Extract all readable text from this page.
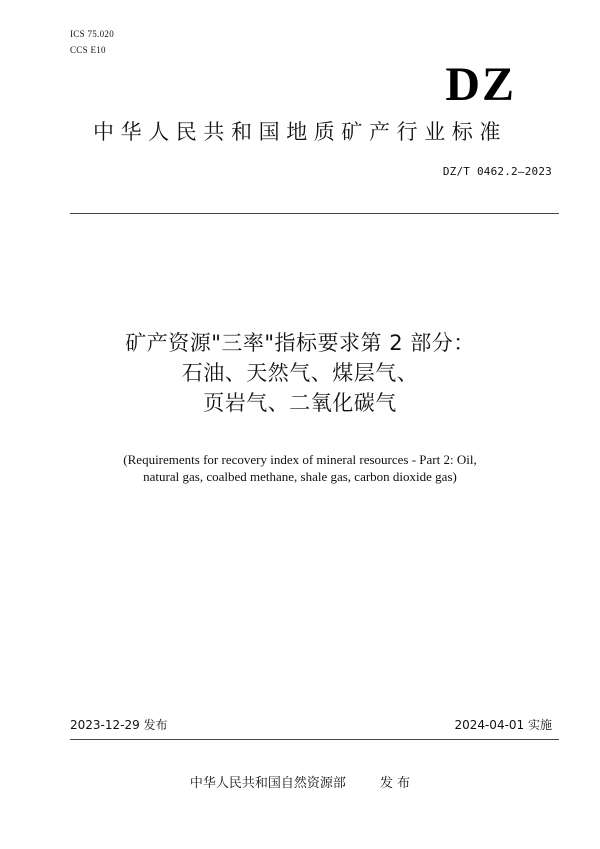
ICS 75.020
CCS E10
DZ
中华人民共和国地质矿产行业标准
DZ/T 0462.2—2023
矿产资源"三率"指标要求第 2 部分：
石油、天然气、煤层气、
页岩气、二氧化碳气
(Requirements for recovery index of mineral resources - Part 2: Oil,
natural gas, coalbed methane, shale gas, carbon dioxide gas)
2023-12-29 发布	2024-04-01 实施
中华人民共和国自然资源部	发 布
